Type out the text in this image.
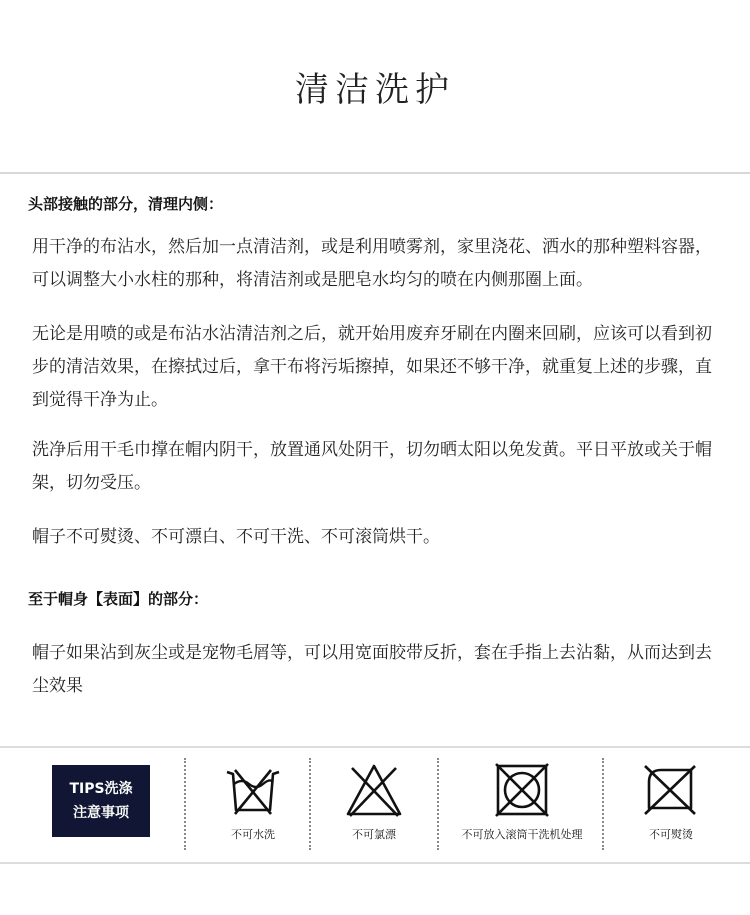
清洁洗护
头部接触的部分，清理内侧：
用干净的布沾水，然后加一点清洁剂，或是利用喷雾剂，家里浇花、洒水的那种塑料容器，可以调整大小水柱的那种，将清洁剂或是肥皂水均匀的喷在内侧那圈上面。
无论是用喷的或是布沾水沾清洁剂之后，就开始用废弃牙刷在内圈来回刷，应该可以看到初步的清洁效果，在擦拭过后，拿干布将污垢擦掉，如果还不够干净，就重复上述的步骤，直到觉得干净为止。
洗净后用干毛巾撑在帽内阴干，放置通风处阴干，切勿晒太阳以免发黄。平日平放或关于帽架，切勿受压。
帽子不可熨烫、不可漂白、不可干洗、不可滚筒烘干。
至于帽身【表面】的部分：
帽子如果沾到灰尘或是宠物毛屑等，可以用宽面胶带反折，套在手指上去沾黏，从而达到去尘效果
TIPS洗涤
注意事项
不可水洗	不可氯漂	不可放入滚筒干洗机处理	不可熨烫
